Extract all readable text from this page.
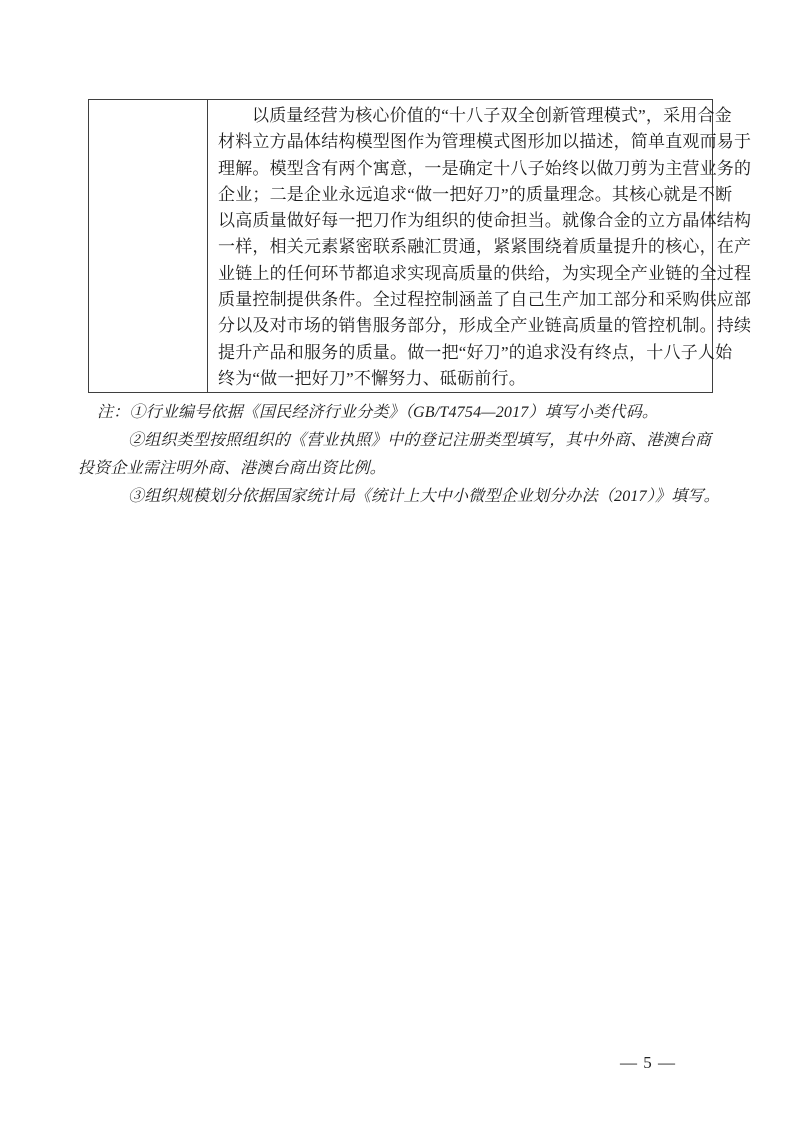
以质量经营为核心价值的“十八子双全创新管理模式”，采用合金
材料立方晶体结构模型图作为管理模式图形加以描述，简单直观而易于
理解。模型含有两个寓意，一是确定十八子始终以做刀剪为主营业务的
企业；二是企业永远追求“做一把好刀”的质量理念。其核心就是不断
以高质量做好每一把刀作为组织的使命担当。就像合金的立方晶体结构
一样，相关元素紧密联系融汇贯通，紧紧围绕着质量提升的核心，在产
业链上的任何环节都追求实现高质量的供给，为实现全产业链的全过程
质量控制提供条件。全过程控制涵盖了自己生产加工部分和采购供应部
分以及对市场的销售服务部分，形成全产业链高质量的管控机制。持续
提升产品和服务的质量。做一把“好刀”的追求没有终点，十八子人始
终为“做一把好刀”不懈努力、砥砺前行。
注：①行业编号依据《国民经济行业分类》（GB/T4754—2017）填写小类代码。
②组织类型按照组织的《营业执照》中的登记注册类型填写，其中外商、港澳台商
投资企业需注明外商、港澳台商出资比例。
③组织规模划分依据国家统计局《统计上大中小微型企业划分办法（2017）》填写。
— 5 —
